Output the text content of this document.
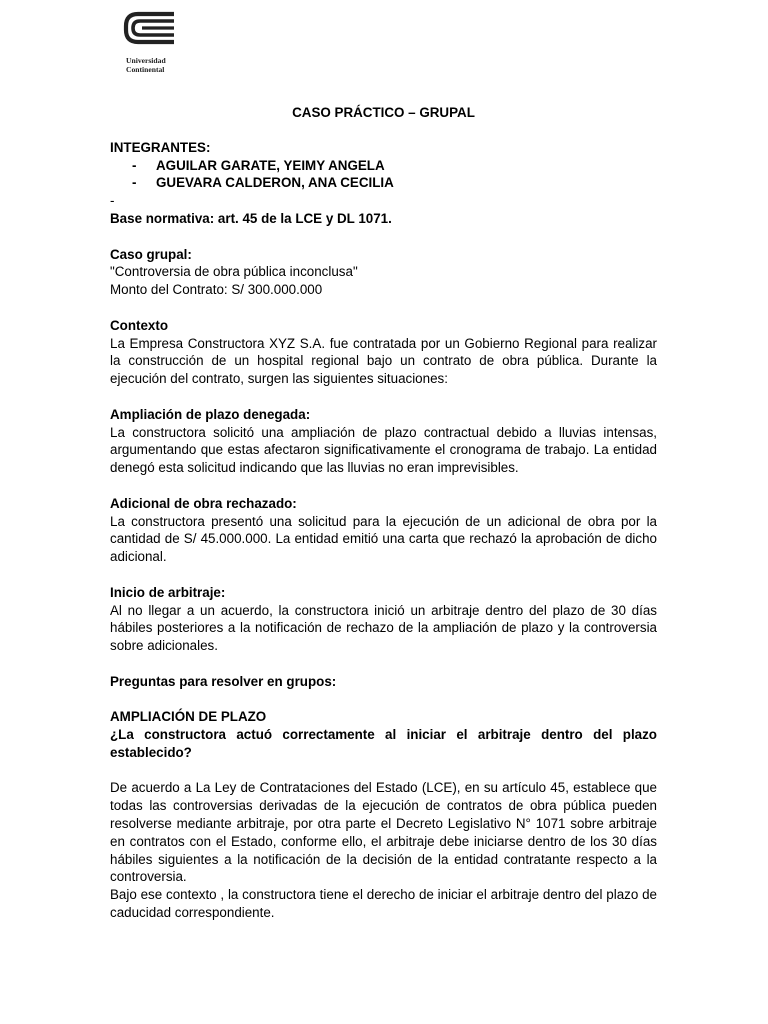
Universidad
Continental
CASO PRÁCTICO – GRUPAL
INTEGRANTES:
-	AGUILAR GARATE, YEIMY ANGELA
-	GUEVARA CALDERON, ANA CECILIA
-
Base normativa: art. 45 de la LCE y DL 1071.
Caso grupal:
"Controversia de obra pública inconclusa"
Monto del Contrato: S/ 300.000.000
Contexto

La Empresa Constructora XYZ S.A. fue contratada por un Gobierno Regional para realizar la construcción de un hospital regional bajo un contrato de obra pública. Durante la ejecución del contrato, surgen las siguientes situaciones:

Ampliación de plazo denegada:

La constructora solicitó una ampliación de plazo contractual debido a lluvias intensas, argumentando que estas afectaron significativamente el cronograma de trabajo. La entidad denegó esta solicitud indicando que las lluvias no eran imprevisibles.

Adicional de obra rechazado:

La constructora presentó una solicitud para la ejecución de un adicional de obra por la cantidad de S/ 45.000.000. La entidad emitió una carta que rechazó la aprobación de dicho adicional.

Inicio de arbitraje:

Al no llegar a un acuerdo, la constructora inició un arbitraje dentro del plazo de 30 días hábiles posteriores a la notificación de rechazo de la ampliación de plazo y la controversia sobre adicionales.

Preguntas para resolver en grupos:
AMPLIACIÓN DE PLAZO

¿La constructora actuó correctamente al iniciar el arbitraje dentro del plazo establecido?

De acuerdo a La Ley de Contrataciones del Estado (LCE), en su artículo 45, establece que todas las controversias derivadas de la ejecución de contratos de obra pública pueden resolverse mediante arbitraje, por otra parte el Decreto Legislativo N° 1071 sobre arbitraje en contratos con el Estado, conforme ello, el arbitraje debe iniciarse dentro de los 30 días hábiles siguientes a la notificación de la decisión de la entidad contratante respecto a la controversia.

Bajo ese contexto , la constructora tiene el derecho de iniciar el arbitraje dentro del plazo de caducidad correspondiente.
